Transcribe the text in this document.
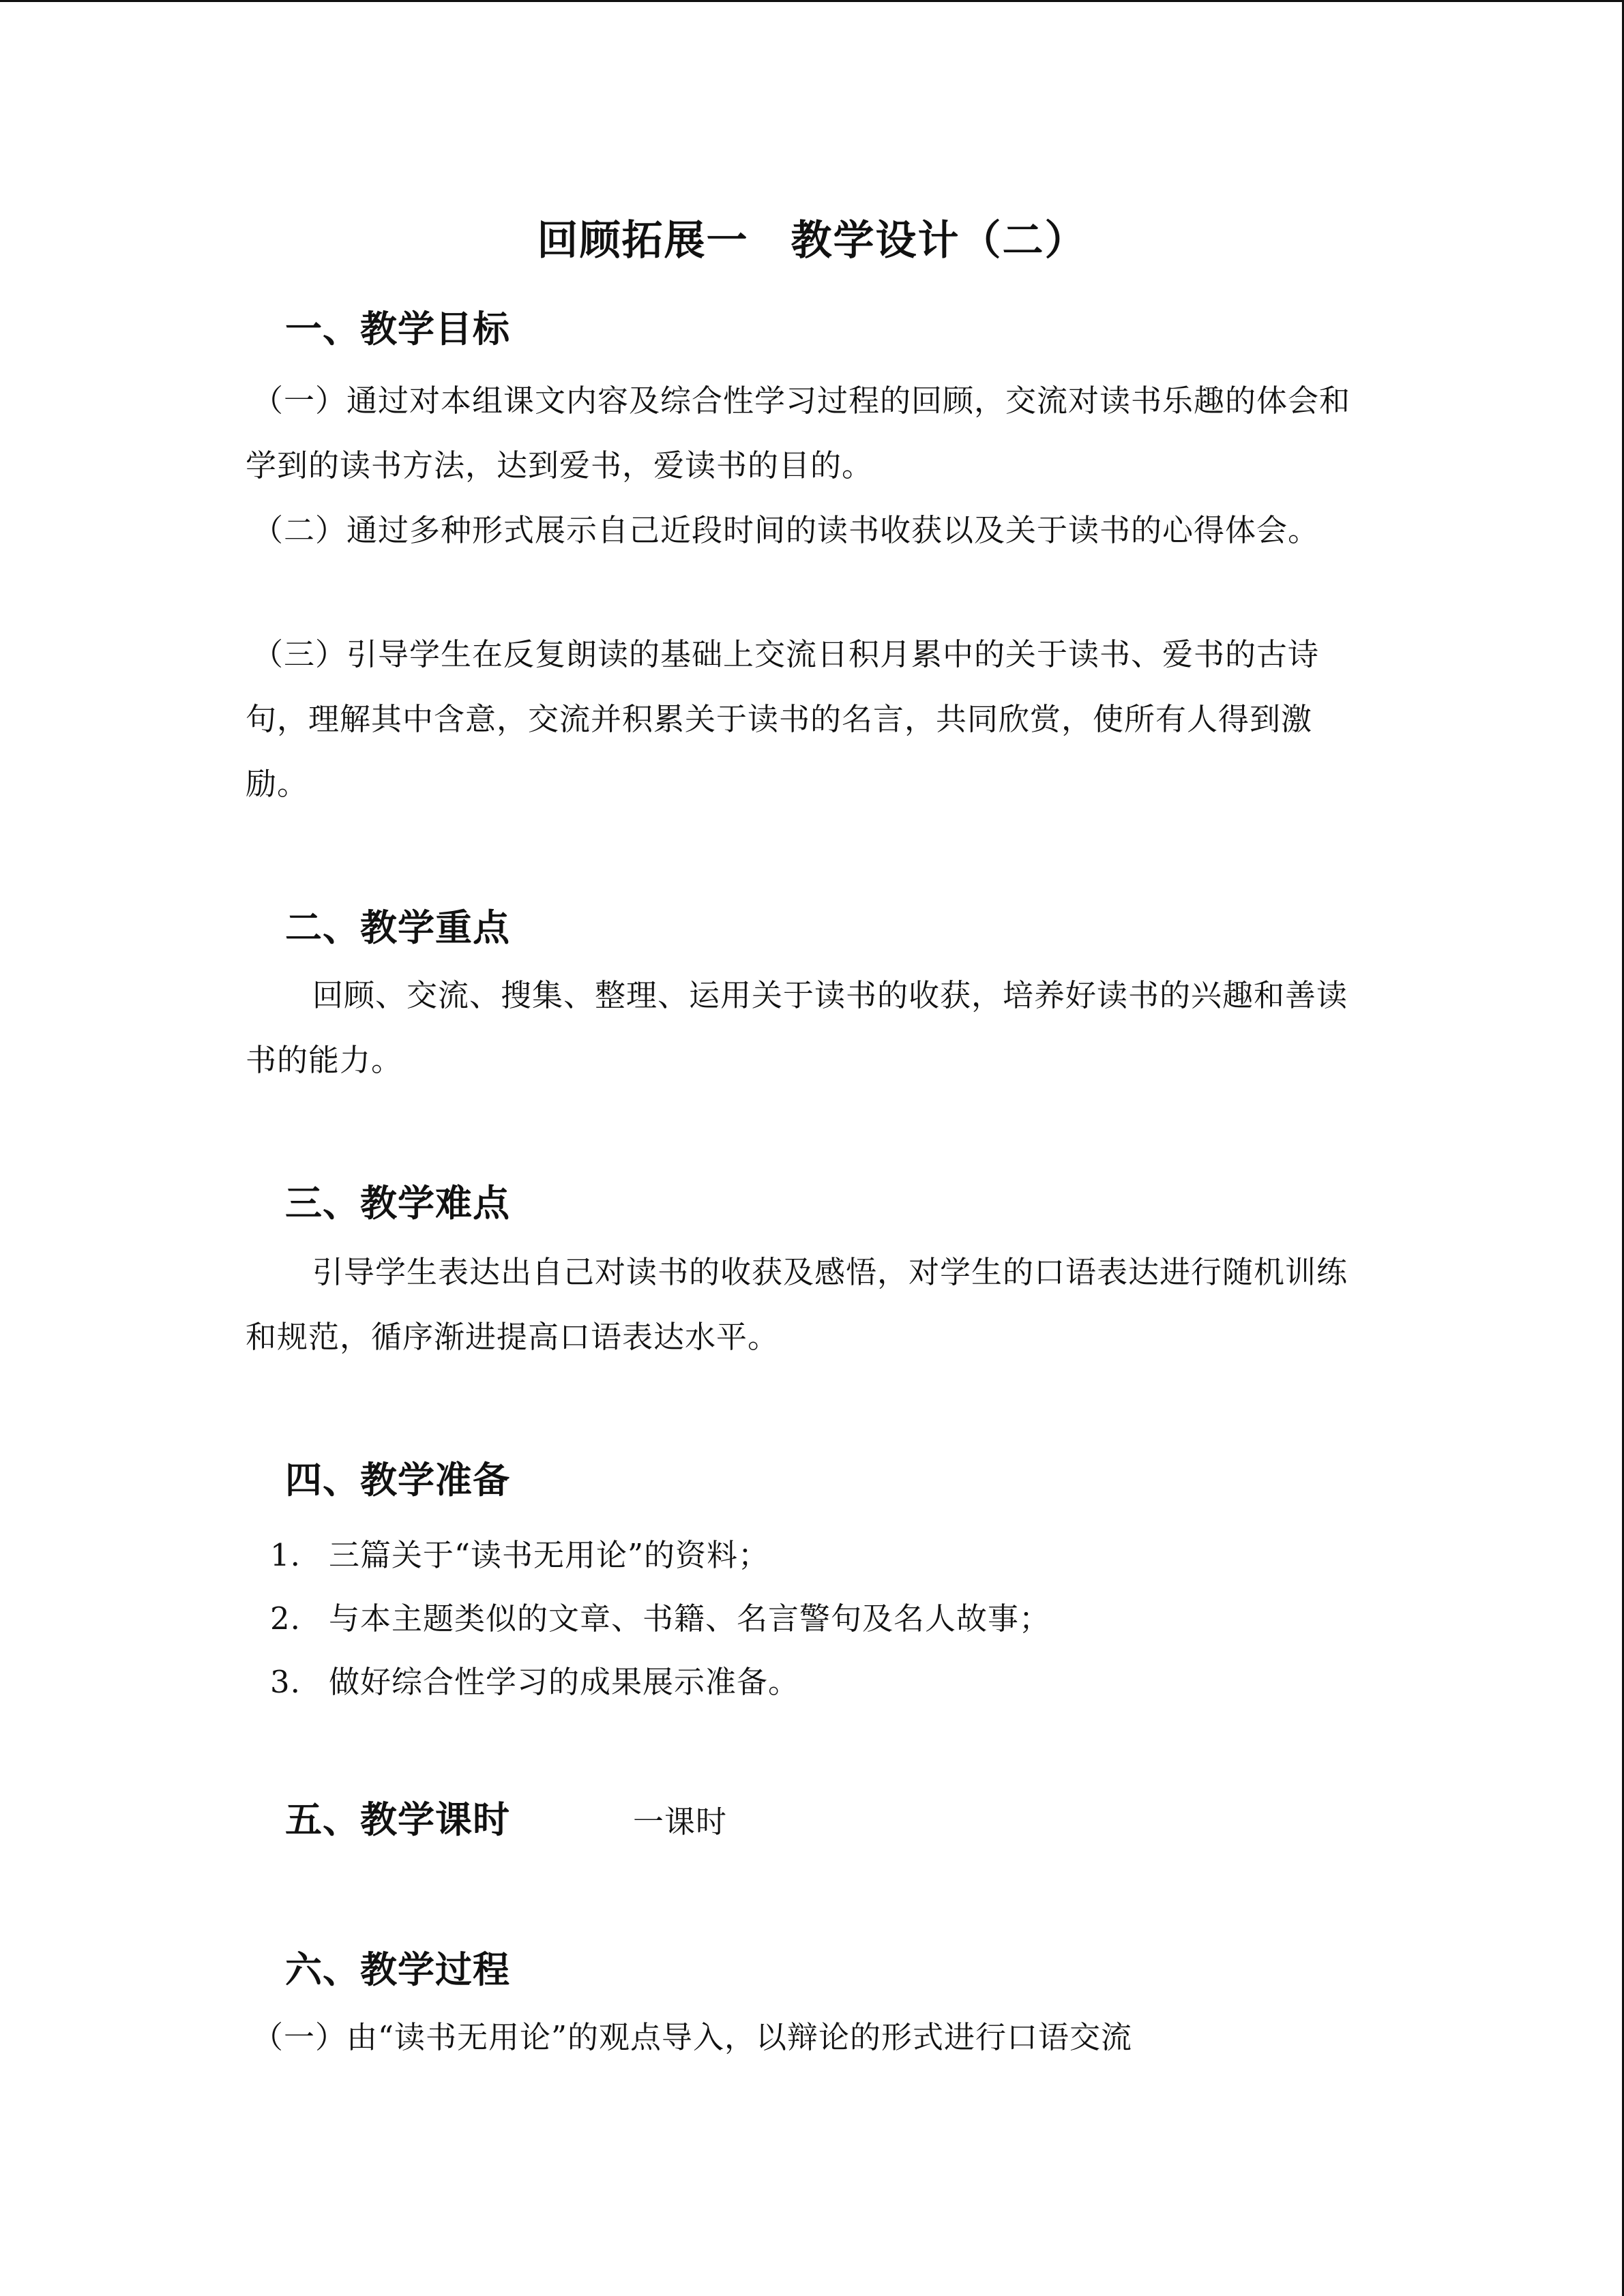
回顾拓展一　教学设计（二）
一、教学目标
（一）通过对本组课文内容及综合性学习过程的回顾，交流对读书乐趣的体会和学到的读书方法，达到爱书，爱读书的目的。
（二）通过多种形式展示自己近段时间的读书收获以及关于读书的心得体会。
（三）引导学生在反复朗读的基础上交流日积月累中的关于读书、爱书的古诗句，理解其中含意，交流并积累关于读书的名言，共同欣赏，使所有人得到激励。
二、教学重点
回顾、交流、搜集、整理、运用关于读书的收获，培养好读书的兴趣和善读书的能力。
三、教学难点
引导学生表达出自己对读书的收获及感悟，对学生的口语表达进行随机训练和规范，循序渐进提高口语表达水平。
四、教学准备
1. 三篇关于“读书无用论”的资料；
2. 与本主题类似的文章、书籍、名言警句及名人故事；
3. 做好综合性学习的成果展示准备。
五、教学课时	一课时
六、教学过程
（一）由“读书无用论”的观点导入，以辩论的形式进行口语交流
